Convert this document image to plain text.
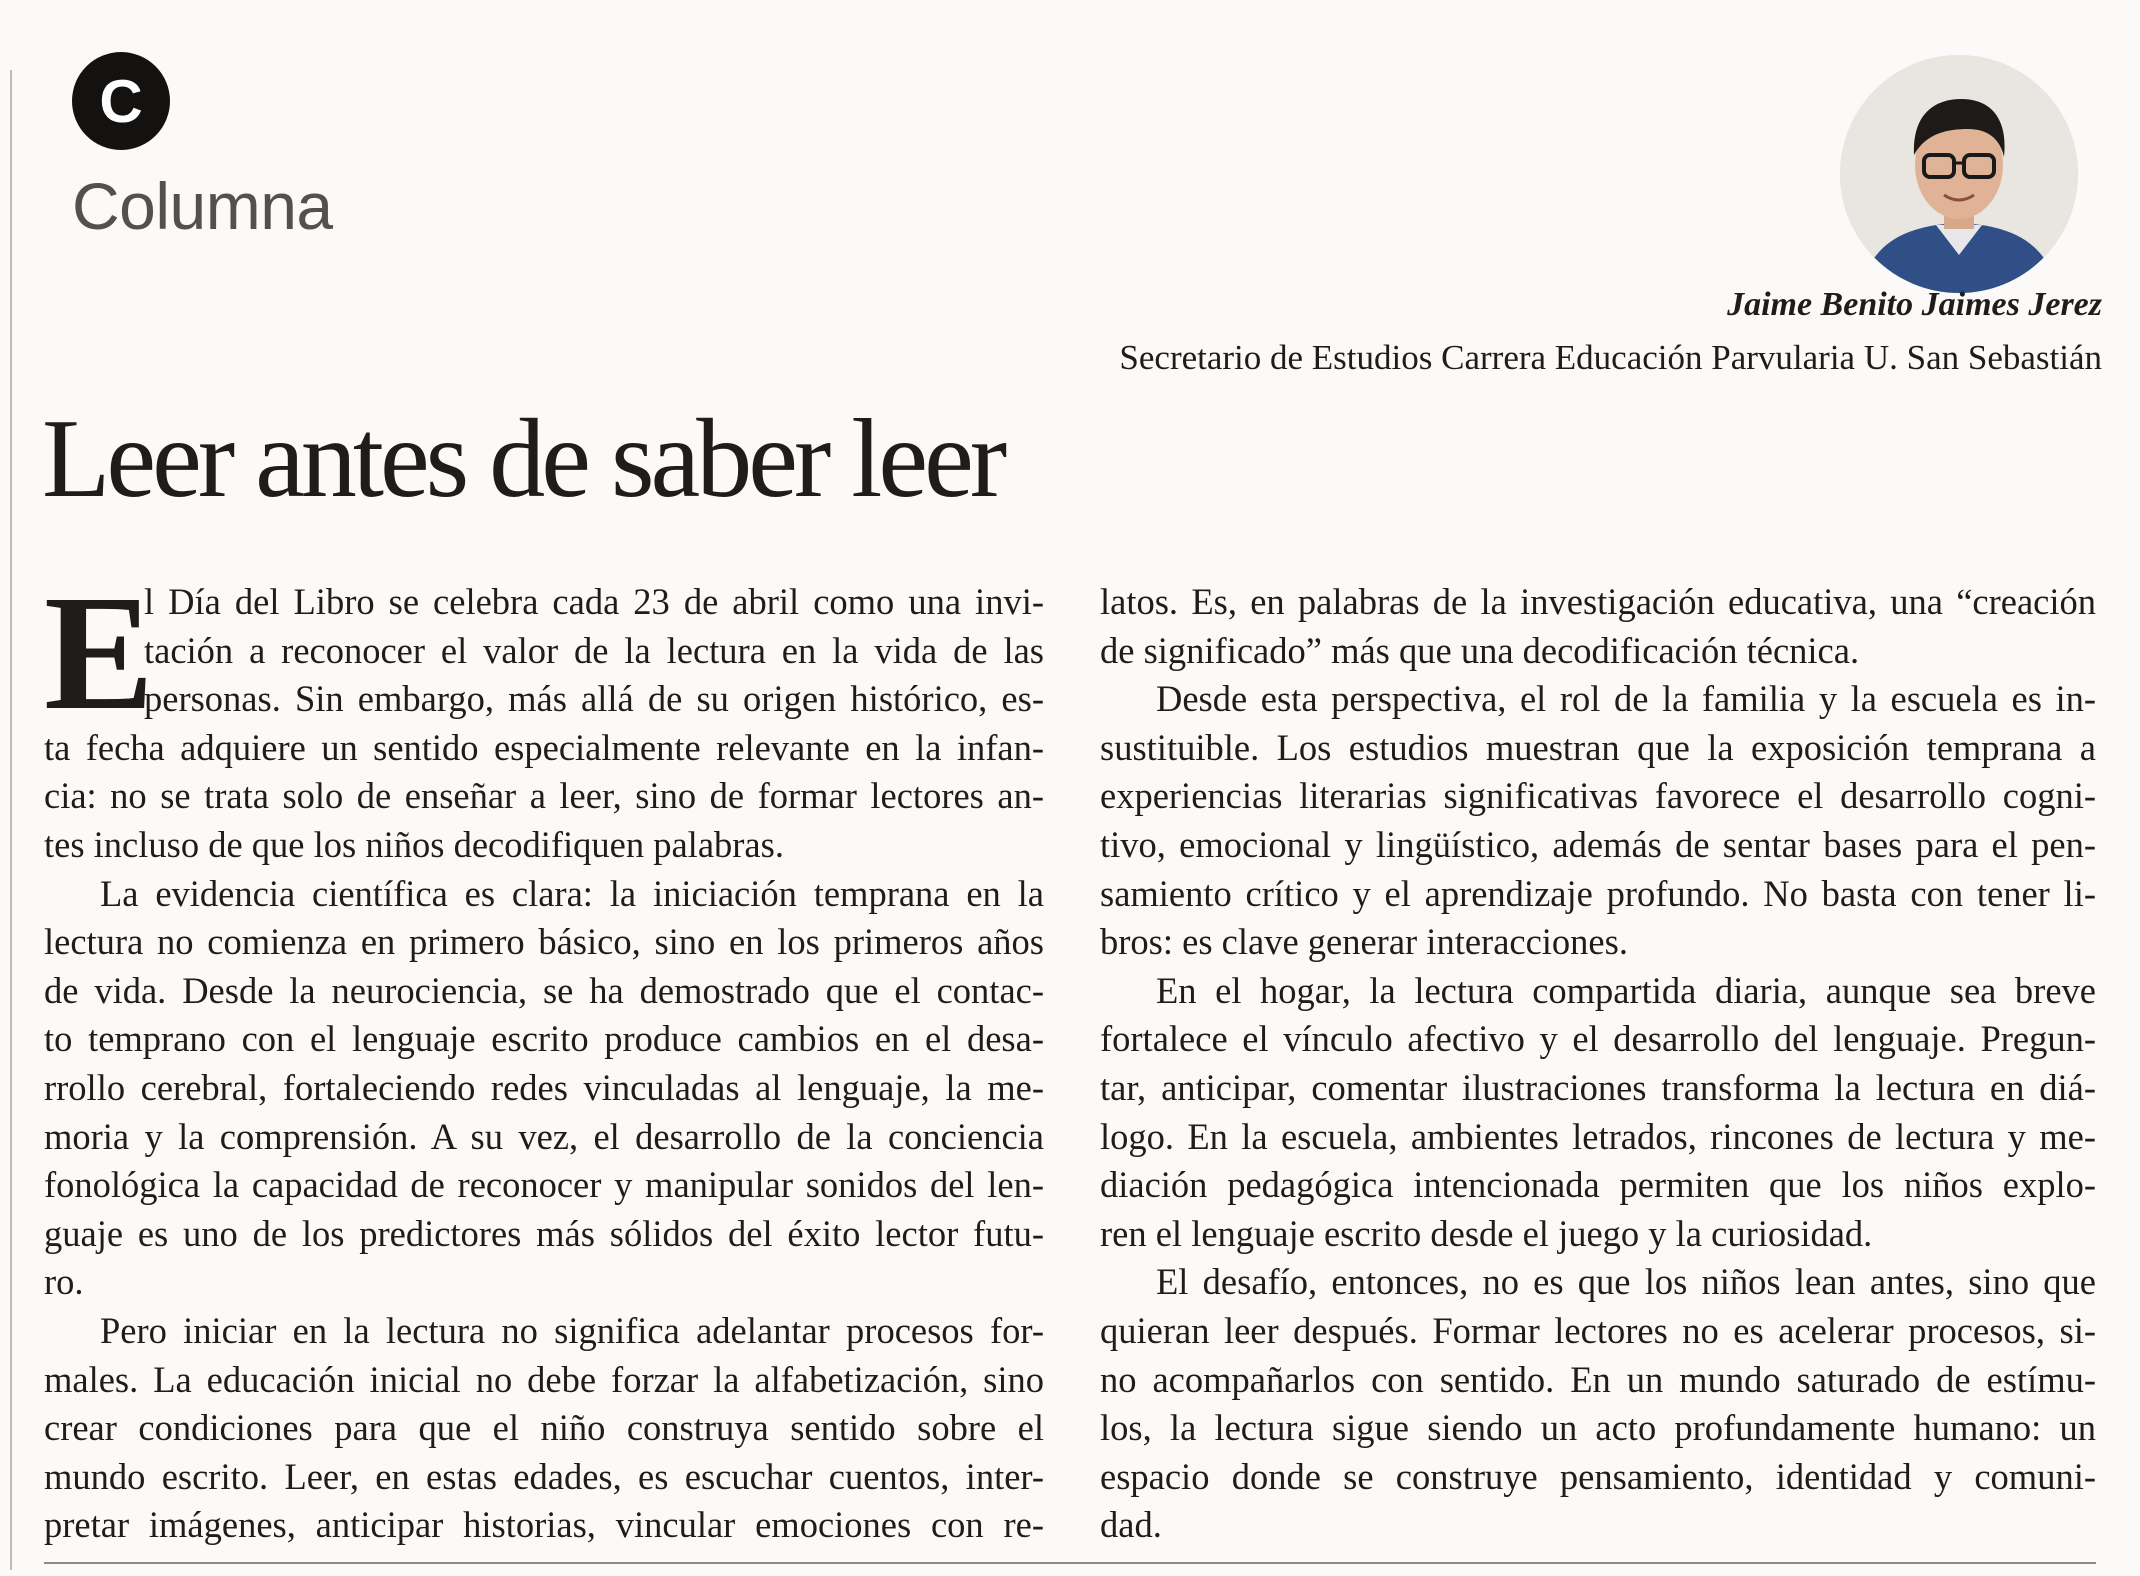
C
Columna
Jaime Benito Jaimes Jerez
Secretario de Estudios Carrera Educación Parvularia U. San Sebastián
Leer antes de saber leer
E
l Día del Libro se celebra cada 23 de abril como una invi-
tación a reconocer el valor de la lectura en la vida de las
personas. Sin embargo, más allá de su origen histórico, es-
ta fecha adquiere un sentido especialmente relevante en la infan-
cia: no se trata solo de enseñar a leer, sino de formar lectores an-
tes incluso de que los niños decodifiquen palabras.
La evidencia científica es clara: la iniciación temprana en la
lectura no comienza en primero básico, sino en los primeros años
de vida. Desde la neurociencia, se ha demostrado que el contac-
to temprano con el lenguaje escrito produce cambios en el desa-
rrollo cerebral, fortaleciendo redes vinculadas al lenguaje, la me-
moria y la comprensión. A su vez, el desarrollo de la conciencia
fonológica la capacidad de reconocer y manipular sonidos del len-
guaje es uno de los predictores más sólidos del éxito lector futu-
ro.
Pero iniciar en la lectura no significa adelantar procesos for-
males. La educación inicial no debe forzar la alfabetización, sino
crear condiciones para que el niño construya sentido sobre el
mundo escrito. Leer, en estas edades, es escuchar cuentos, inter-
pretar imágenes, anticipar historias, vincular emociones con re-
latos. Es, en palabras de la investigación educativa, una “creación
de significado” más que una decodificación técnica.
Desde esta perspectiva, el rol de la familia y la escuela es in-
sustituible. Los estudios muestran que la exposición temprana a
experiencias literarias significativas favorece el desarrollo cogni-
tivo, emocional y lingüístico, además de sentar bases para el pen-
samiento crítico y el aprendizaje profundo. No basta con tener li-
bros: es clave generar interacciones.
En el hogar, la lectura compartida diaria, aunque sea breve
fortalece el vínculo afectivo y el desarrollo del lenguaje. Pregun-
tar, anticipar, comentar ilustraciones transforma la lectura en diá-
logo. En la escuela, ambientes letrados, rincones de lectura y me-
diación pedagógica intencionada permiten que los niños explo-
ren el lenguaje escrito desde el juego y la curiosidad.
El desafío, entonces, no es que los niños lean antes, sino que
quieran leer después. Formar lectores no es acelerar procesos, si-
no acompañarlos con sentido. En un mundo saturado de estímu-
los, la lectura sigue siendo un acto profundamente humano: un
espacio donde se construye pensamiento, identidad y comuni-
dad.
